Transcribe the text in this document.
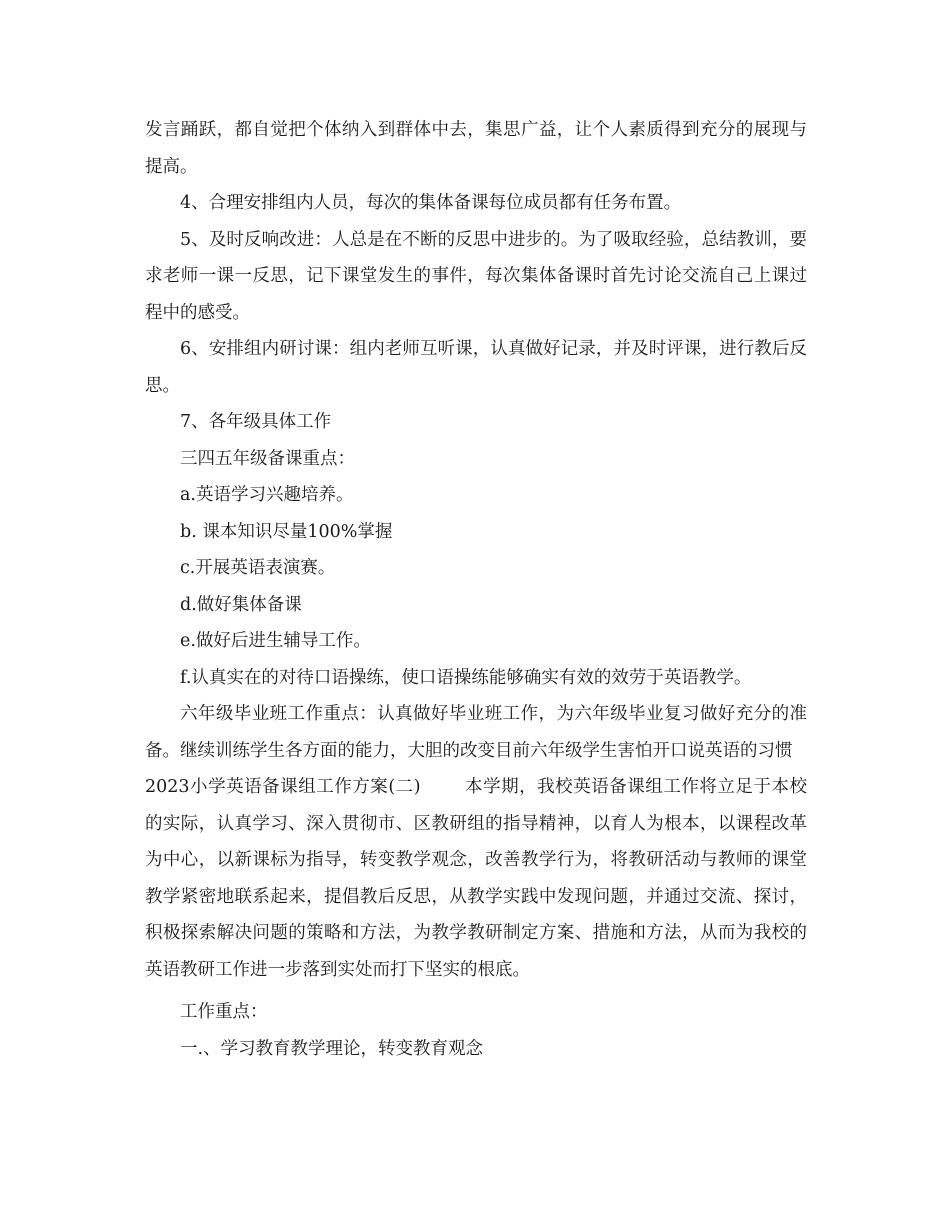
发言踊跃，都自觉把个体纳入到群体中去，集思广益，让个人素质得到充分的展现与提高。

4、合理安排组内人员，每次的集体备课每位成员都有任务布置。

5、及时反响改进：人总是在不断的反思中进步的。为了吸取经验，总结教训，要求老师一课一反思，记下课堂发生的事件，每次集体备课时首先讨论交流自己上课过程中的感受。

6、安排组内研讨课：组内老师互听课，认真做好记录，并及时评课，进行教后反思。

7、各年级具体工作

三四五年级备课重点：

a.英语学习兴趣培养。

b. 课本知识尽量100%掌握

c.开展英语表演赛。

d.做好集体备课

e.做好后进生辅导工作。

f.认真实在的对待口语操练，使口语操练能够确实有效的效劳于英语教学。

六年级毕业班工作重点：认真做好毕业班工作，为六年级毕业复习做好充分的准备。继续训练学生各方面的能力，大胆的改变目前六年级学生害怕开口说英语的习惯

2023小学英语备课组工作方案(二)	本学期，我校英语备课组工作将立足于本校的实际，认真学习、深入贯彻市、区教研组的指导精神，以育人为根本，以课程改革为中心，以新课标为指导，转变教学观念，改善教学行为，将教研活动与教师的课堂教学紧密地联系起来，提倡教后反思，从教学实践中发现问题，并通过交流、探讨，积极探索解决问题的策略和方法，为教学教研制定方案、措施和方法，从而为我校的英语教研工作进一步落到实处而打下坚实的根底。

工作重点：

一.、学习教育教学理论，转变教育观念
